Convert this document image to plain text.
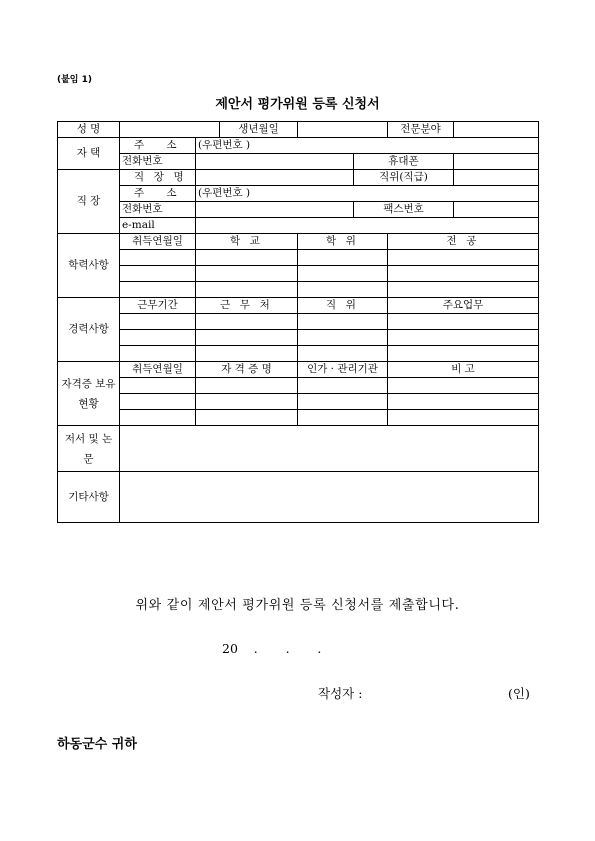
(붙임 1)
제안서 평가위원 등록 신청서
성 명			생년월일			전문분야	
자 택	주 소	(우편번호 )					
	전화번호				휴대폰		
직 장	직 장 명				직위(직급)		
	주 소	(우편번호 )					
	전화번호				팩스번호		
	e-mail						
학력사항	취득연월일	학 교		학 위		전 공	

경력사항	근무기간	근 무 처		직 위		주요업무	

자격증 보유현황	취득연월일	자 격 증 명		인가 · 관리기관		비 고	

저서 및 논문							
기타사항							
위와 같이 제안서 평가위원 등록 신청서를 제출합니다.
20    .       .       .
작성자 :	(인)
하동군수 귀하
